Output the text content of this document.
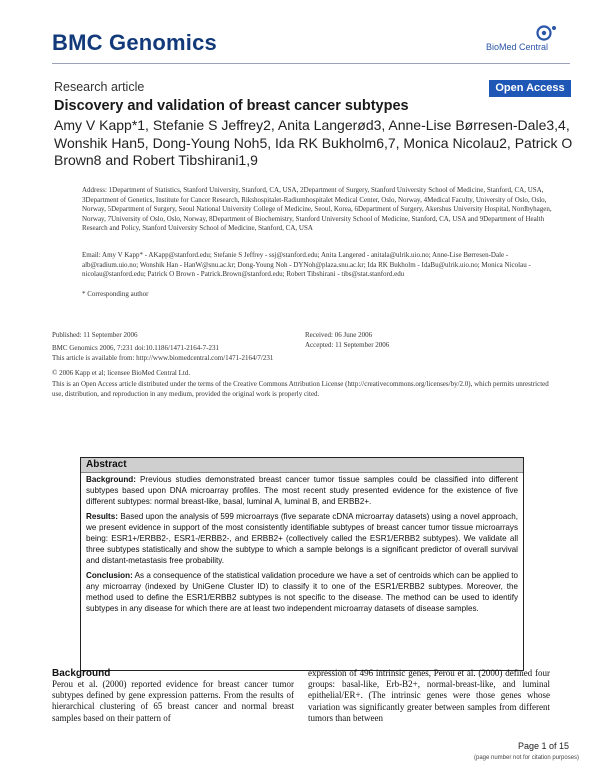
BMC Genomics	BioMed Central
Research article	Open Access
Discovery and validation of breast cancer subtypes
Amy V Kapp*1, Stefanie S Jeffrey2, Anita Langerød3, Anne-Lise Børresen-Dale3,4, Wonshik Han5, Dong-Young Noh5, Ida RK Bukholm6,7, Monica Nicolau2, Patrick O Brown8 and Robert Tibshirani1,9
Address: 1Department of Statistics, Stanford University, Stanford, CA, USA, 2Department of Surgery, Stanford University School of Medicine, Stanford, CA, USA, 3Department of Genetics, Institute for Cancer Research, Rikshospitalet-Radiumhospitalet Medical Center, Oslo, Norway, 4Medical Faculty, University of Oslo, Oslo, Norway, 5Department of Surgery, Seoul National University College of Medicine, Seoul, Korea, 6Department of Surgery, Akershus University Hospital, Nordbyhagen, Norway, 7University of Oslo, Oslo, Norway, 8Department of Biochemistry, Stanford University School of Medicine, Stanford, CA, USA and 9Department of Health Research and Policy, Stanford University School of Medicine, Stanford, CA, USA
Email: Amy V Kapp* - AKapp@stanford.edu; Stefanie S Jeffrey - ssj@stanford.edu; Anita Langerød - anitala@ulrik.uio.no; Anne-Lise Børresen-Dale - alb@radium.uio.no; Wonshik Han - HanW@snu.ac.kr; Dong-Young Noh - DYNoh@plaza.snu.ac.kr; Ida RK Bukholm - IdaBu@ulrik.uio.no; Monica Nicolau - nicolau@stanford.edu; Patrick O Brown - Patrick.Brown@stanford.edu; Robert Tibshirani - tibs@stat.stanford.edu
* Corresponding author
Published: 11 September 2006
BMC Genomics 2006, 7:231 doi:10.1186/1471-2164-7-231
Received: 06 June 2006
Accepted: 11 September 2006
This article is available from: http://www.biomedcentral.com/1471-2164/7/231
© 2006 Kapp et al; licensee BioMed Central Ltd.
This is an Open Access article distributed under the terms of the Creative Commons Attribution License (http://creativecommons.org/licenses/by/2.0), which permits unrestricted use, distribution, and reproduction in any medium, provided the original work is properly cited.
Abstract

Background: Previous studies demonstrated breast cancer tumor tissue samples could be classified into different subtypes based upon DNA microarray profiles. The most recent study presented evidence for the existence of five different subtypes: normal breast-like, basal, luminal A, luminal B, and ERBB2+.

Results: Based upon the analysis of 599 microarrays (five separate cDNA microarray datasets) using a novel approach, we present evidence in support of the most consistently identifiable subtypes of breast cancer tumor tissue microarrays being: ESR1+/ERBB2-, ESR1-/ERBB2-, and ERBB2+ (collectively called the ESR1/ERBB2 subtypes). We validate all three subtypes statistically and show the subtype to which a sample belongs is a significant predictor of overall survival and distant-metastasis free probability.

Conclusion: As a consequence of the statistical validation procedure we have a set of centroids which can be applied to any microarray (indexed by UniGene Cluster ID) to classify it to one of the ESR1/ERBB2 subtypes. Moreover, the method used to define the ESR1/ERBB2 subtypes is not specific to the disease. The method can be used to identify subtypes in any disease for which there are at least two independent microarray datasets of disease samples.

Background
Perou et al. (2000) reported evidence for breast cancer tumor subtypes defined by gene expression patterns. From the results of hierarchical clustering of 65 breast cancer and normal breast samples based on their pattern of
expression of 496 intrinsic genes, Perou et al. (2000) defined four groups: basal-like, Erb-B2+, normal-breast-like, and luminal epithelial/ER+. (The intrinsic genes were those genes whose variation was significantly greater between samples from different tumors than between
Page 1 of 15
(page number not for citation purposes)
